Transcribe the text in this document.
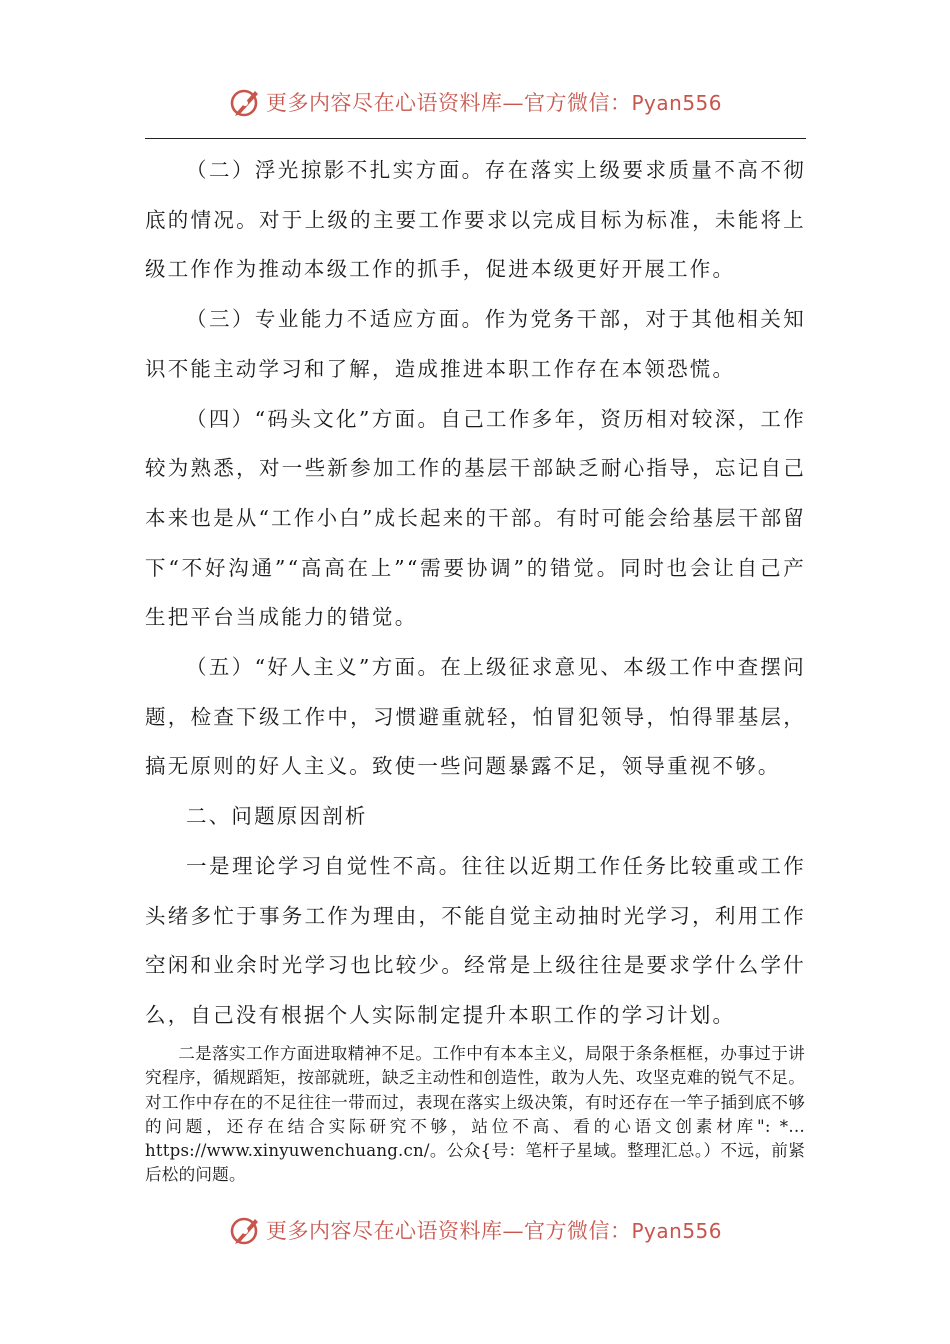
更多内容尽在心语资料库—官方微信：Pyan556

（二）浮光掠影不扎实方面。存在落实上级要求质量不高不彻底的情况。对于上级的主要工作要求以完成目标为标准，未能将上级工作作为推动本级工作的抓手，促进本级更好开展工作。

（三）专业能力不适应方面。作为党务干部，对于其他相关知识不能主动学习和了解，造成推进本职工作存在本领恐慌。

（四）“码头文化”方面。自己工作多年，资历相对较深，工作较为熟悉，对一些新参加工作的基层干部缺乏耐心指导，忘记自己本来也是从“工作小白”成长起来的干部。有时可能会给基层干部留下“不好沟通”“高高在上”“需要协调”的错觉。同时也会让自己产生把平台当成能力的错觉。

（五）“好人主义”方面。在上级征求意见、本级工作中查摆问题，检查下级工作中，习惯避重就轻，怕冒犯领导，怕得罪基层，搞无原则的好人主义。致使一些问题暴露不足，领导重视不够。

二、问题原因剖析

一是理论学习自觉性不高。往往以近期工作任务比较重或工作头绪多忙于事务工作为理由，不能自觉主动抽时光学习，利用工作空闲和业余时光学习也比较少。经常是上级往往是要求学什么学什么，自己没有根据个人实际制定提升本职工作的学习计划。

二是落实工作方面进取精神不足。工作中有本本主义，局限于条条框框，办事过于讲究程序，循规蹈矩，按部就班，缺乏主动性和创造性，敢为人先、攻坚克难的锐气不足。对工作中存在的不足往往一带而过，表现在落实上级决策，有时还存在一竿子插到底不够的问题，还存在结合实际研究不够，站位不高、看的心语文创素材库": *…https://www.xinyuwenchuang.cn/。公众{号：笔杆子星域。整理汇总。）不远，前紧后松的问题。

更多内容尽在心语资料库—官方微信：Pyan556
